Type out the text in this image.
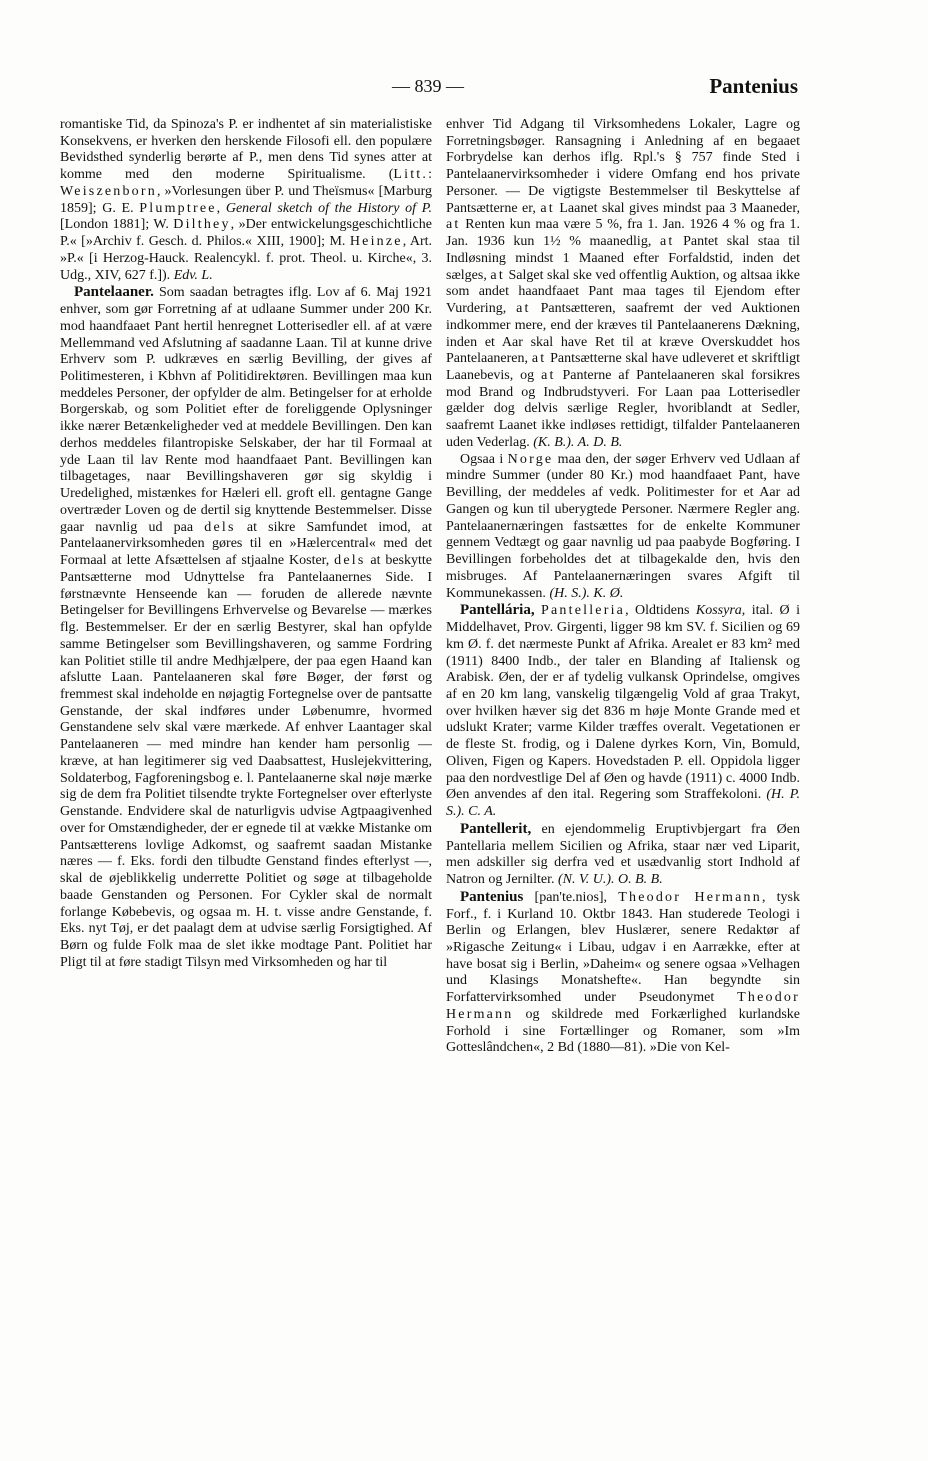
— 839 —	Pantenius

romantiske Tid, da Spinoza's P. er indhentet af sin materialistiske Konsekvens, er hverken den herskende Filosofi ell. den populære Bevidsthed synderlig berørte af P., men dens Tid synes atter at komme med den moderne Spiritualisme. (Litt.: Weiszenborn, »Vorlesungen über P. und Theïsmus« [Marburg 1859]; G. E. Plumptree, General sketch of the History of P. [London 1881]; W. Dilthey, »Der entwickelungsgeschichtliche P.« [»Archiv f. Gesch. d. Philos.« XIII, 1900]; M. Heinze, Art. »P.« [i Herzog-Hauck. Realencykl. f. prot. Theol. u. Kirche«, 3. Udg., XIV, 627 f.]). Edv. L.

Pantelaaner. Som saadan betragtes iflg. Lov af 6. Maj 1921 enhver, som gør Forretning af at udlaane Summer under 200 Kr. mod haandfaaet Pant hertil henregnet Lotterisedler ell. af at være Mellemmand ved Afslutning af saadanne Laan. Til at kunne drive Erhverv som P. udkræves en særlig Bevilling, der gives af Politimesteren, i Kbhvn af Politidirektøren. Bevillingen maa kun meddeles Personer, der opfylder de alm. Betingelser for at erholde Borgerskab, og som Politiet efter de foreliggende Oplysninger ikke nærer Betænkeligheder ved at meddele Bevillingen. Den kan derhos meddeles filantropiske Selskaber, der har til Formaal at yde Laan til lav Rente mod haandfaaet Pant. Bevillingen kan tilbagetages, naar Bevillingshaveren gør sig skyldig i Uredelighed, mistænkes for Hæleri ell. groft ell. gentagne Gange overtræder Loven og de dertil sig knyttende Bestemmelser. Disse gaar navnlig ud paa dels at sikre Samfundet imod, at Pantelaanervirksomheden gøres til en »Hælercentral« med det Formaal at lette Afsættelsen af stjaalne Koster, dels at beskytte Pantsætterne mod Udnyttelse fra Pantelaanernes Side. I førstnævnte Henseende kan — foruden de allerede nævnte Betingelser for Bevillingens Erhvervelse og Bevarelse — mærkes flg. Bestemmelser. Er der en særlig Bestyrer, skal han opfylde samme Betingelser som Bevillingshaveren, og samme Fordring kan Politiet stille til andre Medhjælpere, der paa egen Haand kan afslutte Laan. Pantelaaneren skal føre Bøger, der først og fremmest skal indeholde en nøjagtig Fortegnelse over de pantsatte Genstande, der skal indføres under Løbenumre, hvormed Genstandene selv skal være mærkede. Af enhver Laantager skal Pantelaaneren — med mindre han kender ham personlig — kræve, at han legitimerer sig ved Daabsattest, Huslejekvittering, Soldaterbog, Fagforeningsbog e. l. Pantelaanerne skal nøje mærke sig de dem fra Politiet tilsendte trykte Fortegnelser over efterlyste Genstande. Endvidere skal de naturligvis udvise Agtpaagivenhed over for Omstændigheder, der er egnede til at vække Mistanke om Pantsætterens lovlige Adkomst, og saafremt saadan Mistanke næres — f. Eks. fordi den tilbudte Genstand findes efterlyst —, skal de øjeblikkelig underrette Politiet og søge at tilbageholde baade Genstanden og Personen. For Cykler skal de normalt forlange Købebevis, og ogsaa m. H. t. visse andre Genstande, f. Eks. nyt Tøj, er det paalagt dem at udvise særlig Forsigtighed. Af Børn og fulde Folk maa de slet ikke modtage Pant. Politiet har Pligt til at føre stadigt Tilsyn med Virksomheden og har til

enhver Tid Adgang til Virksomhedens Lokaler, Lagre og Forretningsbøger. Ransagning i Anledning af en begaaet Forbrydelse kan derhos iflg. Rpl.'s § 757 finde Sted i Pantelaanervirksomheder i videre Omfang end hos private Personer. — De vigtigste Bestemmelser til Beskyttelse af Pantsætterne er, at Laanet skal gives mindst paa 3 Maaneder, at Renten kun maa være 5 %, fra 1. Jan. 1926 4 % og fra 1. Jan. 1936 kun 1½ % maanedlig, at Pantet skal staa til Indløsning mindst 1 Maaned efter Forfaldstid, inden det sælges, at Salget skal ske ved offentlig Auktion, og altsaa ikke som andet haandfaaet Pant maa tages til Ejendom efter Vurdering, at Pantsætteren, saafremt der ved Auktionen indkommer mere, end der kræves til Pantelaanerens Dækning, inden et Aar skal have Ret til at kræve Overskuddet hos Pantelaaneren, at Pantsætterne skal have udleveret et skriftligt Laanebevis, og at Panterne af Pantelaaneren skal forsikres mod Brand og Indbrudstyveri. For Laan paa Lotterisedler gælder dog delvis særlige Regler, hvoriblandt at Sedler, saafremt Laanet ikke indløses rettidigt, tilfalder Pantelaaneren uden Vederlag. (K. B.). A. D. B.

Ogsaa i Norge maa den, der søger Erhverv ved Udlaan af mindre Summer (under 80 Kr.) mod haandfaaet Pant, have Bevilling, der meddeles af vedk. Politimester for et Aar ad Gangen og kun til uberygtede Personer. Nærmere Regler ang. Pantelaanernæringen fastsættes for de enkelte Kommuner gennem Vedtægt og gaar navnlig ud paa paabyde Bogføring. I Bevillingen forbeholdes det at tilbagekalde den, hvis den misbruges. Af Pantelaanernæringen svares Afgift til Kommunekassen. (H. S.). K. Ø.

Pantellária, Pantelleria, Oldtidens Kossyra, ital. Ø i Middelhavet, Prov. Girgenti, ligger 98 km SV. f. Sicilien og 69 km Ø. f. det nærmeste Punkt af Afrika. Arealet er 83 km² med (1911) 8400 Indb., der taler en Blanding af Italiensk og Arabisk. Øen, der er af tydelig vulkansk Oprindelse, omgives af en 20 km lang, vanskelig tilgængelig Vold af graa Trakyt, over hvilken hæver sig det 836 m høje Monte Grande med et udslukt Krater; varme Kilder træffes overalt. Vegetationen er de fleste St. frodig, og i Dalene dyrkes Korn, Vin, Bomuld, Oliven, Figen og Kapers. Hovedstaden P. ell. Oppidola ligger paa den nordvestlige Del af Øen og havde (1911) c. 4000 Indb. Øen anvendes af den ital. Regering som Straffekoloni. (H. P. S.). C. A.

Pantellerit, en ejendommelig Eruptivbjergart fra Øen Pantellaria mellem Sicilien og Afrika, staar nær ved Liparit, men adskiller sig derfra ved et usædvanlig stort Indhold af Natron og Jernilter. (N. V. U.). O. B. B.

Pantenius [pan'te.nios], Theodor Hermann, tysk Forf., f. i Kurland 10. Oktbr 1843. Han studerede Teologi i Berlin og Erlangen, blev Huslærer, senere Redaktør af »Rigasche Zeitung« i Libau, udgav i en Aarrække, efter at have bosat sig i Berlin, »Daheim« og senere ogsaa »Velhagen und Klasings Monatshefte«. Han begyndte sin Forfattervirksomhed under Pseudonymet Theodor Hermann og skildrede med Forkærlighed kurlandske Forhold i sine Fortællinger og Romaner, som »Im Gotteslândchen«, 2 Bd (1880—81). »Die von Kel-
